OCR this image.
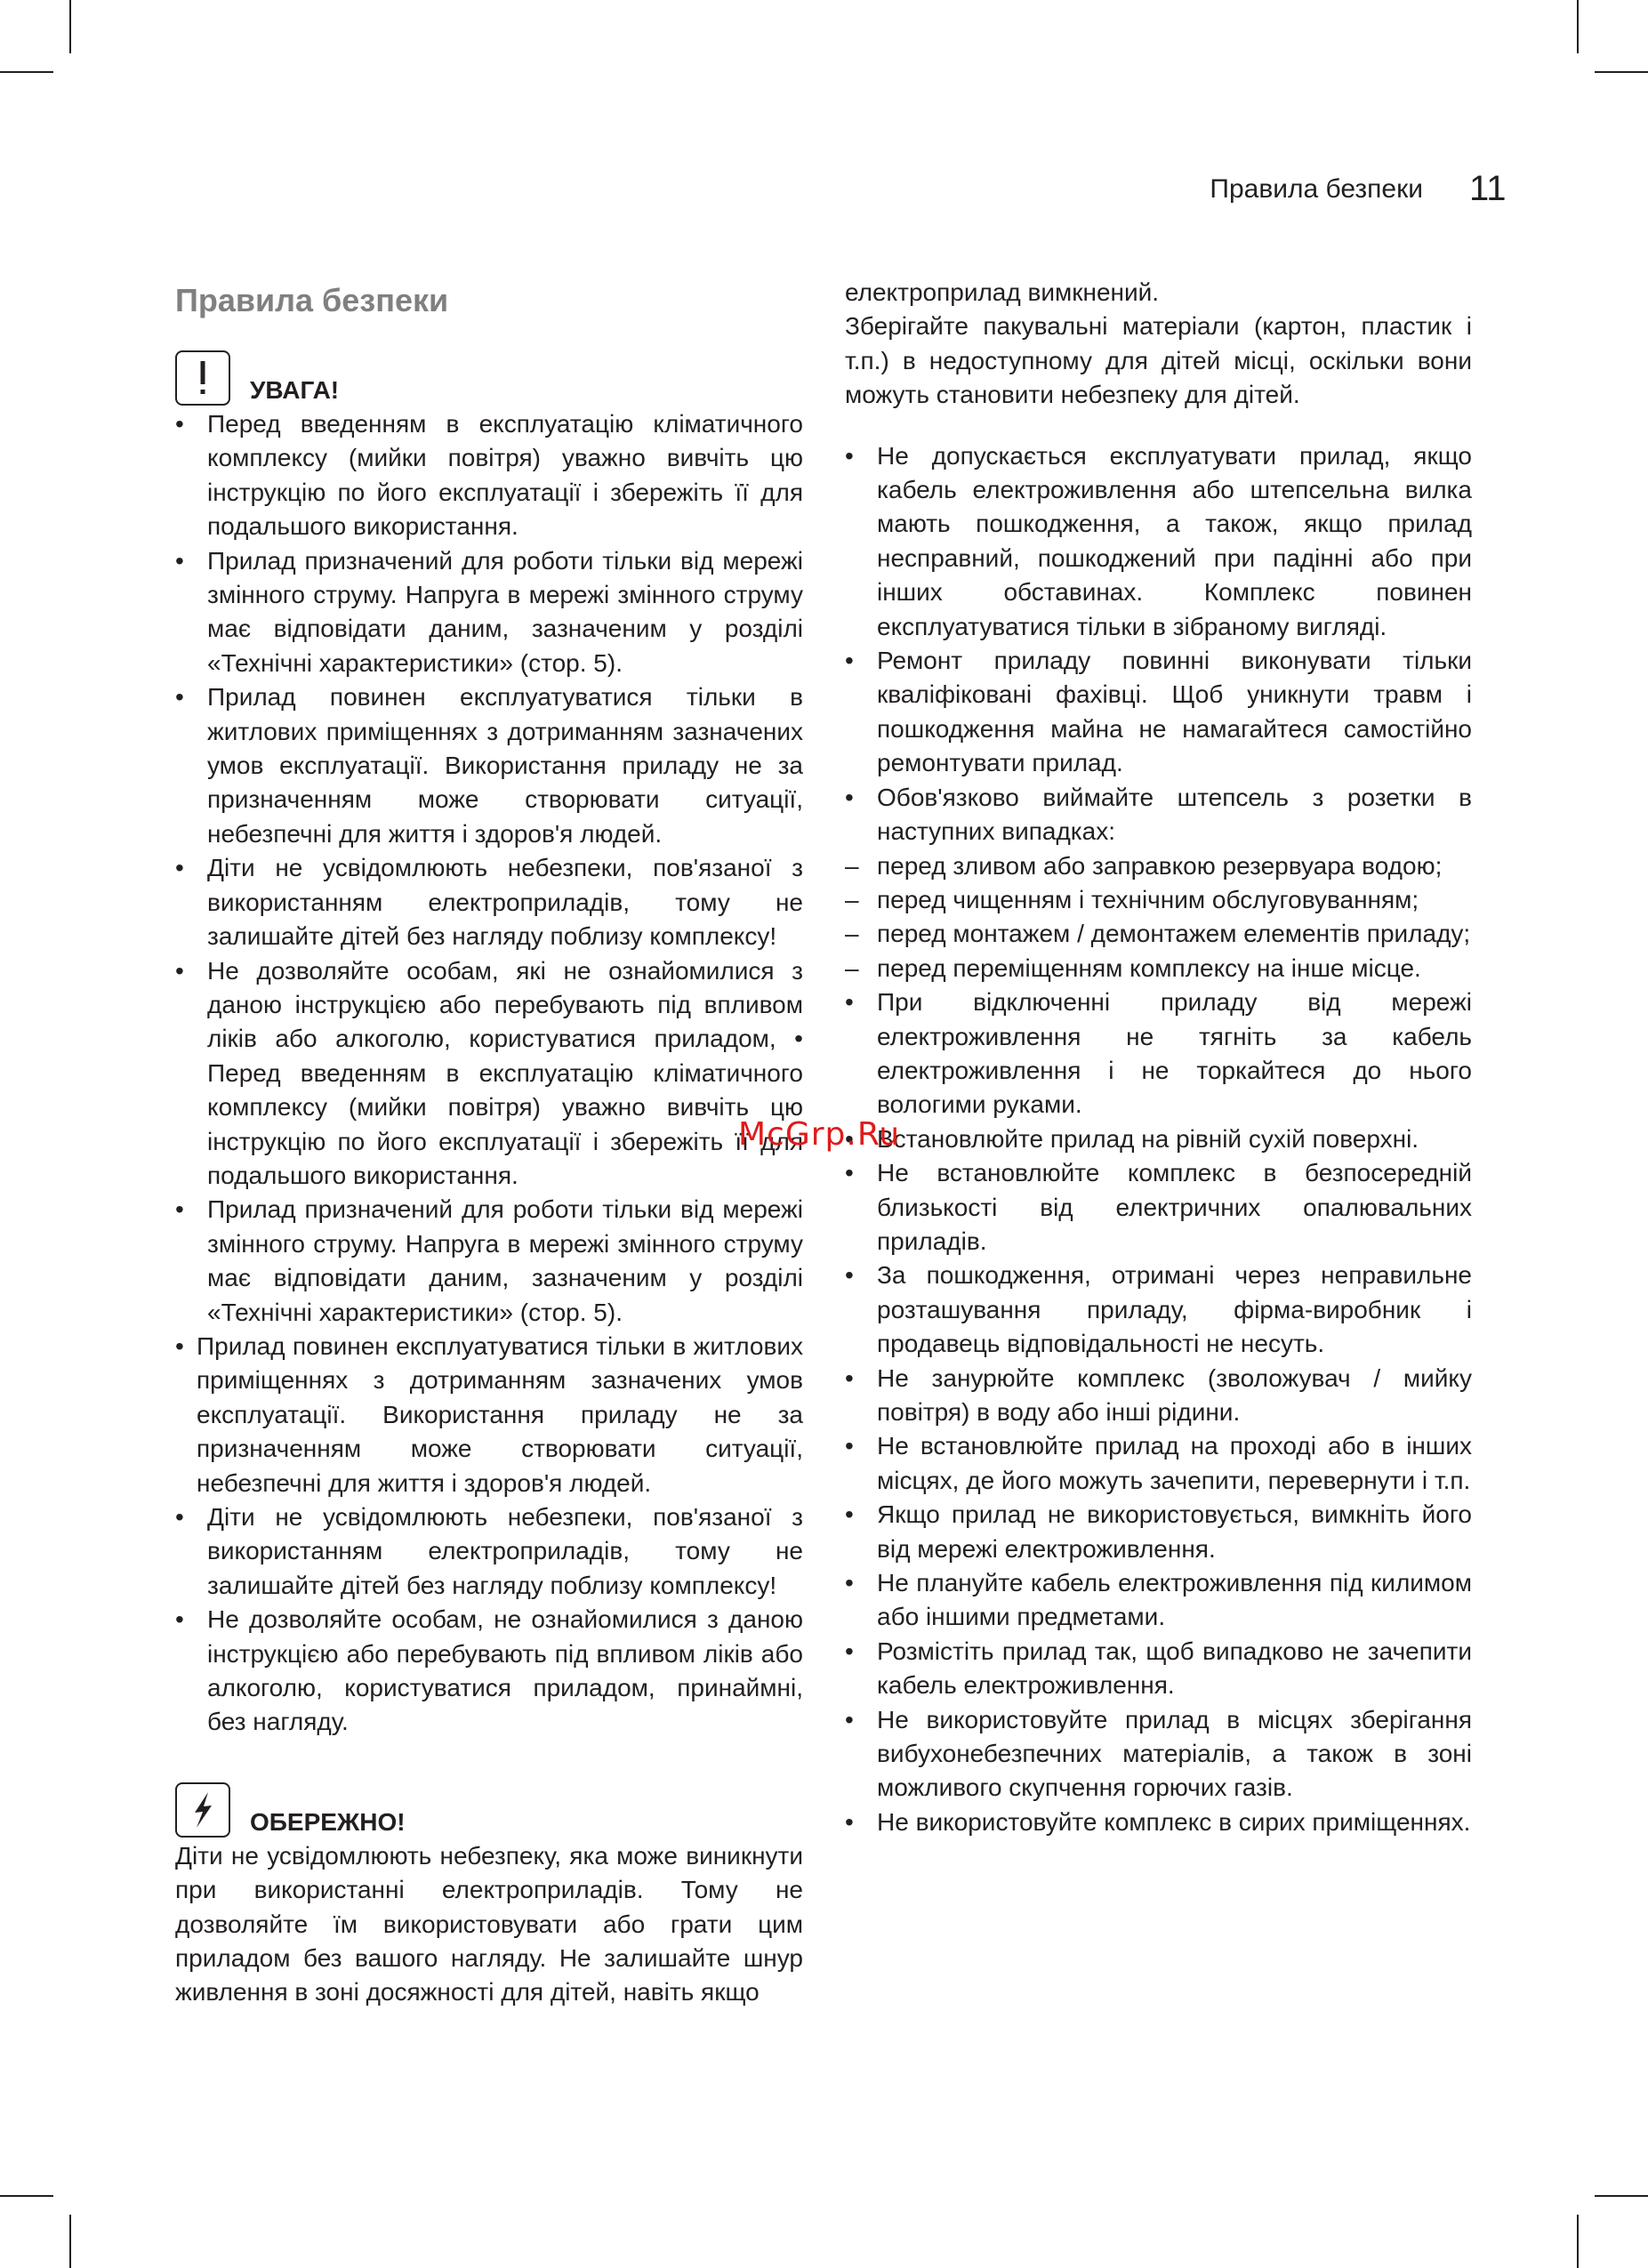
Правила безпеки 11
Правила безпеки
УВАГА!
• Перед введенням в експлуатацію кліматичного комплексу (мийки повітря) уважно вивчіть цю інструкцію по його експлуатації і збережіть її для подальшого використання.
• Прилад призначений для роботи тільки від мережі змінного струму. Напруга в мережі змінного струму має відповідати даним, зазначеним у розділі «Технічні характеристики» (стор. 5).
• Прилад повинен експлуатуватися тільки в житлових приміщеннях з дотриманням зазначених умов експлуатації. Використання приладу не за призначенням може створювати ситуації, небезпечні для життя і здоров'я людей.
• Діти не усвідомлюють небезпеки, пов'язаної з використанням електроприладів, тому не залишайте дітей без нагляду поблизу комплексу!
• Не дозволяйте особам, які не ознайомилися з даною інструкцією або перебувають під впливом ліків або алкоголю, користуватися приладом, • Перед введенням в експлуатацію кліматичного комплексу (мийки повітря) уважно вивчіть цю інструкцію по його експлуатації і збережіть її для подальшого використання.
• Прилад призначений для роботи тільки від мережі змінного струму. Напруга в мережі змінного струму має відповідати даним, зазначеним у розділі «Технічні характеристики» (стор. 5).
• Прилад повинен експлуатуватися тільки в житлових приміщеннях з дотриманням зазначених умов експлуатації. Використання приладу не за призначенням може створювати ситуації, небезпечні для життя і здоров'я людей.
• Діти не усвідомлюють небезпеки, пов'язаної з використанням електроприладів, тому не залишайте дітей без нагляду поблизу комплексу!
• Не дозволяйте особам, не ознайомилися з даною інструкцією або перебувають під впливом ліків або алкоголю, користуватися приладом, принаймні, без нагляду.
ОБЕРЕЖНО!

Діти не усвідомлюють небезпеку, яка може виникнути при використанні електроприладів. Тому не дозволяйте їм використовувати або грати цим приладом без вашого нагляду. Не залишайте шнур живлення в зоні досяжності для дітей, навіть якщо

електроприлад вимкнений.

Зберігайте пакувальні матеріали (картон, пластик і т.п.) в недоступному для дітей місці, оскільки вони можуть становити небезпеку для дітей.

• Не допускається експлуатувати прилад, якщо кабель електроживлення або штепсельна вилка мають пошкодження, а також, якщо прилад несправний, пошкоджений при падінні або при інших обставинах. Комплекс повинен експлуатуватися тільки в зібраному вигляді.
• Ремонт приладу повинні виконувати тільки кваліфіковані фахівці. Щоб уникнути травм і пошкодження майна не намагайтеся самостійно ремонтувати прилад.
• Обов'язково виймайте штепсель з розетки в наступних випадках:
– перед зливом або заправкою резервуара водою;
– перед чищенням і технічним обслуговуванням;
– перед монтажем / демонтажем елементів приладу;
– перед переміщенням комплексу на інше місце.
• При відключенні приладу від мережі електроживлення не тягніть за кабель електроживлення і не торкайтеся до нього вологими руками.
• Встановлюйте прилад на рівній сухій поверхні.
• Не встановлюйте комплекс в безпосередній близькості від електричних опалювальних приладів.
• За пошкодження, отримані через неправильне розташування приладу, фірма-виробник і продавець відповідальності не несуть.
• Не занурюйте комплекс (зволожувач / мийку повітря) в воду або інші рідини.
• Не встановлюйте прилад на проході або в інших місцях, де його можуть зачепити, перевернути і т.п.
• Якщо прилад не використовується, вимкніть його від мережі електроживлення.
• Не плануйте кабель електроживлення під килимом або іншими предметами.
• Розмістіть прилад так, щоб випадково не зачепити кабель електроживлення.
• Не використовуйте прилад в місцях зберігання вибухонебезпечних матеріалів, а також в зоні можливого скупчення горючих газів.
• Не використовуйте комплекс в сирих приміщеннях.
McGrp.Ru
